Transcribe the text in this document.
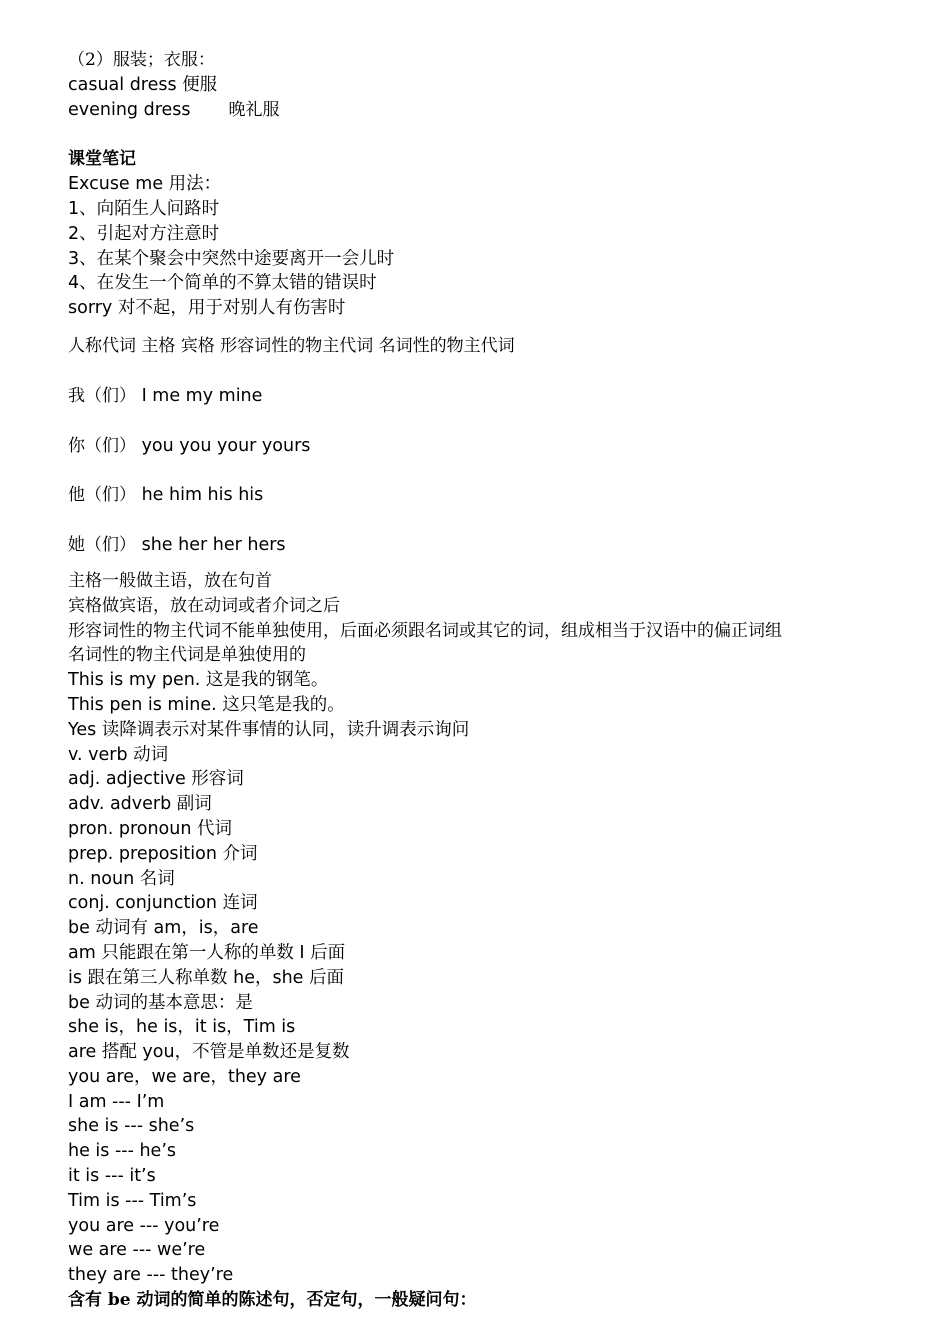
（2）服装；衣服：
casual dress 便服
evening dress 晚礼服
课堂笔记
Excuse me 用法：
1、向陌生人问路时
2、引起对方注意时
3、在某个聚会中突然中途要离开一会儿时
4、在发生一个简单的不算太错的错误时
sorry 对不起，用于对别人有伤害时
人称代词 主格 宾格 形容词性的物主代词 名词性的物主代词
我（们） I me my mine
你（们） you you your yours
他（们） he him his his
她（们） she her her hers
主格一般做主语，放在句首
宾格做宾语，放在动词或者介词之后
形容词性的物主代词不能单独使用，后面必须跟名词或其它的词，组成相当于汉语中的偏正词组
名词性的物主代词是单独使用的
This is my pen. 这是我的钢笔。
This pen is mine. 这只笔是我的。
Yes 读降调表示对某件事情的认同，读升调表示询问
v. verb 动词
adj. adjective 形容词
adv. adverb 副词
pron. pronoun 代词
prep. preposition 介词
n. noun 名词
conj. conjunction 连词
be 动词有 am，is，are
am 只能跟在第一人称的单数 I 后面
is 跟在第三人称单数 he，she 后面
be 动词的基本意思：是
she is，he is，it is，Tim is
are 搭配 you，不管是单数还是复数
you are，we are，they are
I am --- I’m
she is --- she’s
he is --- he’s
it is --- it’s
Tim is --- Tim’s
you are --- you’re
we are --- we’re
they are --- they’re
含有 be 动词的简单的陈述句，否定句，一般疑问句：
